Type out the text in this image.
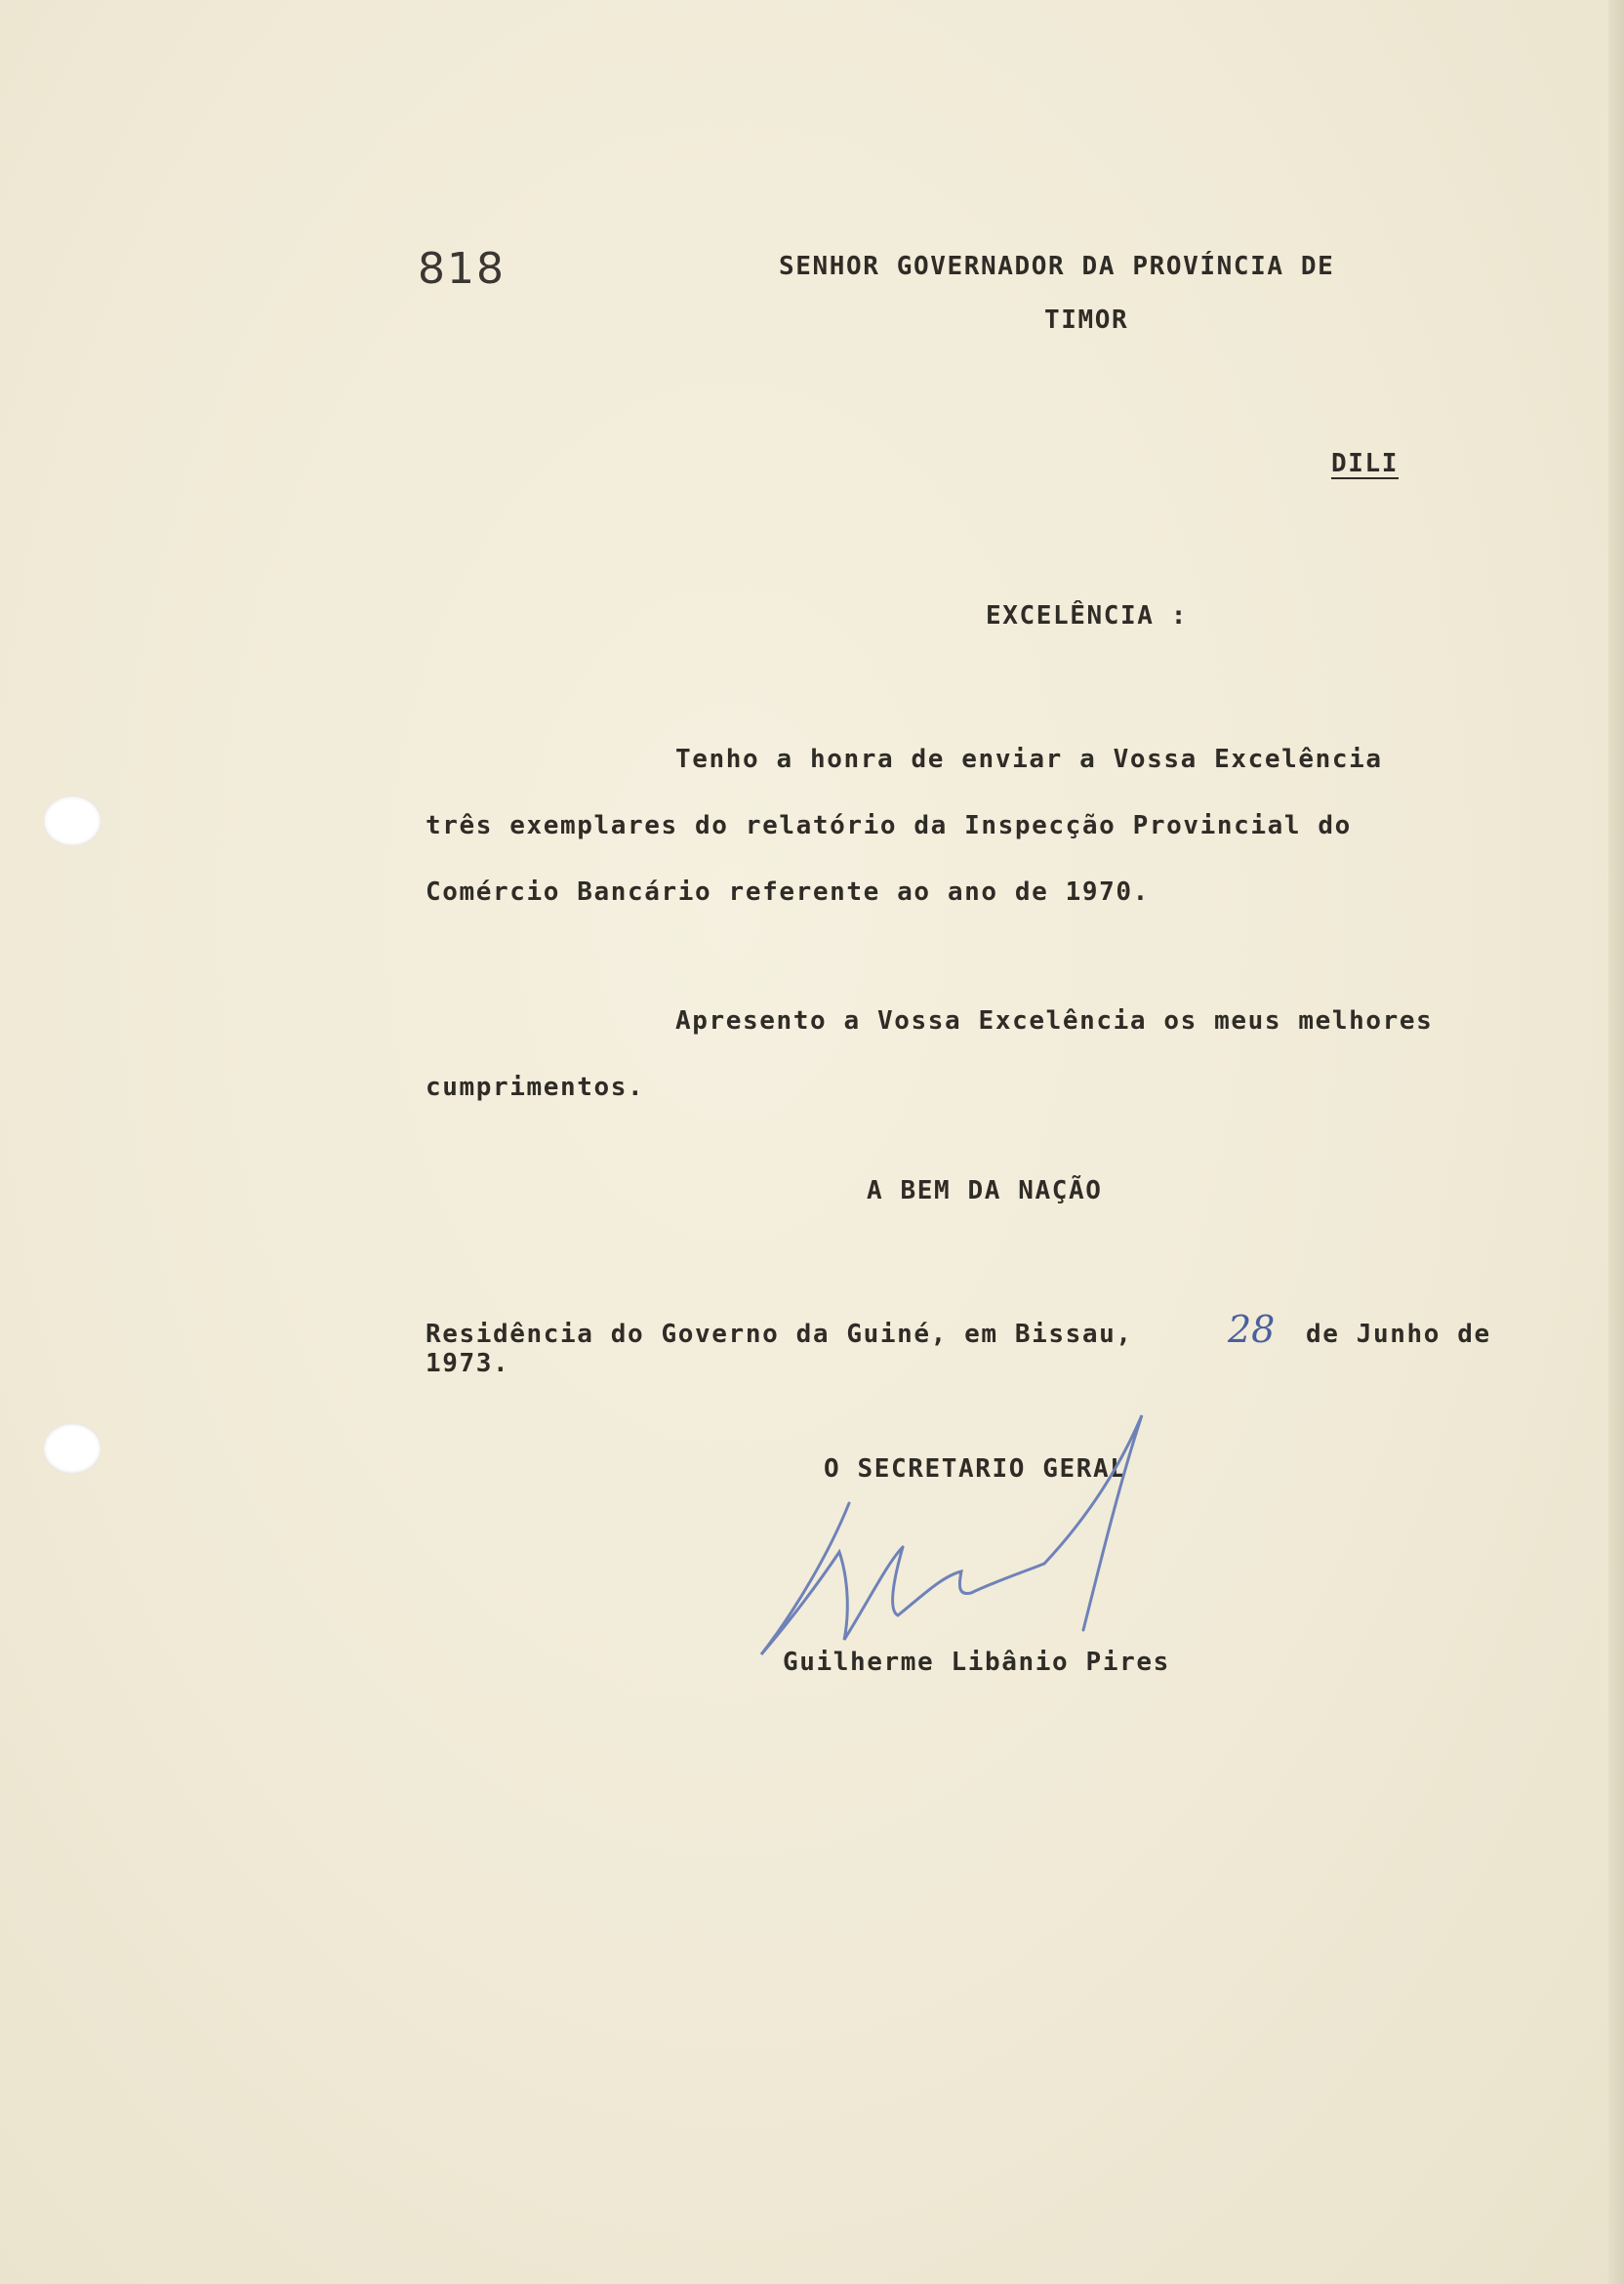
818	SENHOR GOVERNADOR DA PROVÍNCIA DE

TIMOR

DILI

EXCELÊNCIA :

Tenho a honra de enviar a Vossa Excelência
três exemplares do relatório da Inspecção Provincial do
Comércio Bancário referente ao ano de 1970.
Apresento a Vossa Excelência os meus melhores
cumprimentos.

A BEM DA NAÇÃO

Residência do Governo da Guiné, em Bissau,	28 de Junho de

1973.

O SECRETARIO GERAL

Guilherme Libânio Pires
